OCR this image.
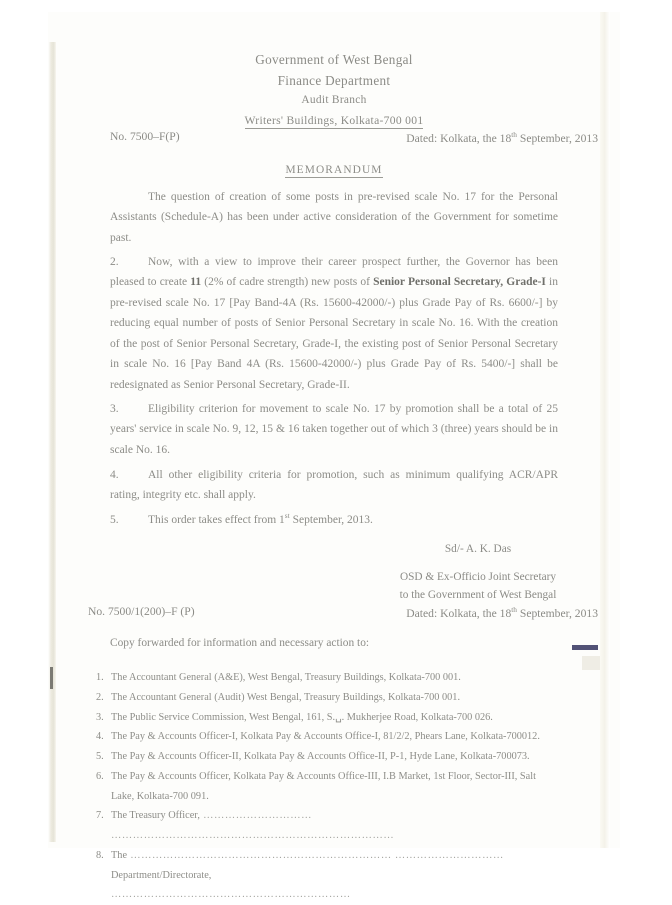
Government of West Bengal
Finance Department
Audit Branch
Writers' Buildings, Kolkata-700 001
No. 7500–F(P)	Dated: Kolkata, the 18th September, 2013
MEMORANDUM
The question of creation of some posts in pre-revised scale No. 17 for the Personal Assistants (Schedule-A) has been under active consideration of the Government for sometime past.
2.	Now, with a view to improve their career prospect further, the Governor has been pleased to create 11 (2% of cadre strength) new posts of Senior Personal Secretary, Grade-I in pre-revised scale No. 17 [Pay Band-4A (Rs. 15600-42000/-) plus Grade Pay of Rs. 6600/-] by reducing equal number of posts of Senior Personal Secretary in scale No. 16. With the creation of the post of Senior Personal Secretary, Grade-I, the existing post of Senior Personal Secretary in scale No. 16 [Pay Band 4A (Rs. 15600-42000/-) plus Grade Pay of Rs. 5400/-] shall be redesignated as Senior Personal Secretary, Grade-II.
3.	Eligibility criterion for movement to scale No. 17 by promotion shall be a total of 25 years' service in scale No. 9, 12, 15 & 16 taken together out of which 3 (three) years should be in scale No. 16.
4.	All other eligibility criteria for promotion, such as minimum qualifying ACR/APR rating, integrity etc. shall apply.
5.	This order takes effect from 1st September, 2013.
Sd/- A. K. Das
OSD & Ex-Officio Joint Secretary
to the Government of West Bengal
No. 7500/1(200)–F (P)	Dated: Kolkata, the 18th September, 2013
Copy forwarded for information and necessary action to:
1. The Accountant General (A&E), West Bengal, Treasury Buildings, Kolkata-700 001.
2. The Accountant General (Audit) West Bengal, Treasury Buildings, Kolkata-700 001.
3. The Public Service Commission, West Bengal, 161, S.␣. Mukherjee Road, Kolkata-700 026.
4. The Pay & Accounts Officer-I, Kolkata Pay & Accounts Office-I, 81/2/2, Phears Lane, Kolkata-700012.
5. The Pay & Accounts Officer-II, Kolkata Pay & Accounts Office-II, P-1, Hyde Lane, Kolkata-700073.
6. The Pay & Accounts Officer, Kolkata Pay & Accounts Office-III, I.B Market, 1st Floor, Sector-III, Salt
Lake, Kolkata-700 091.
7. The Treasury Officer, ………………………… ……………………………………………………………………
8. The ……………………………………………………………… …………………………Department/Directorate,
…………………………………………………………
